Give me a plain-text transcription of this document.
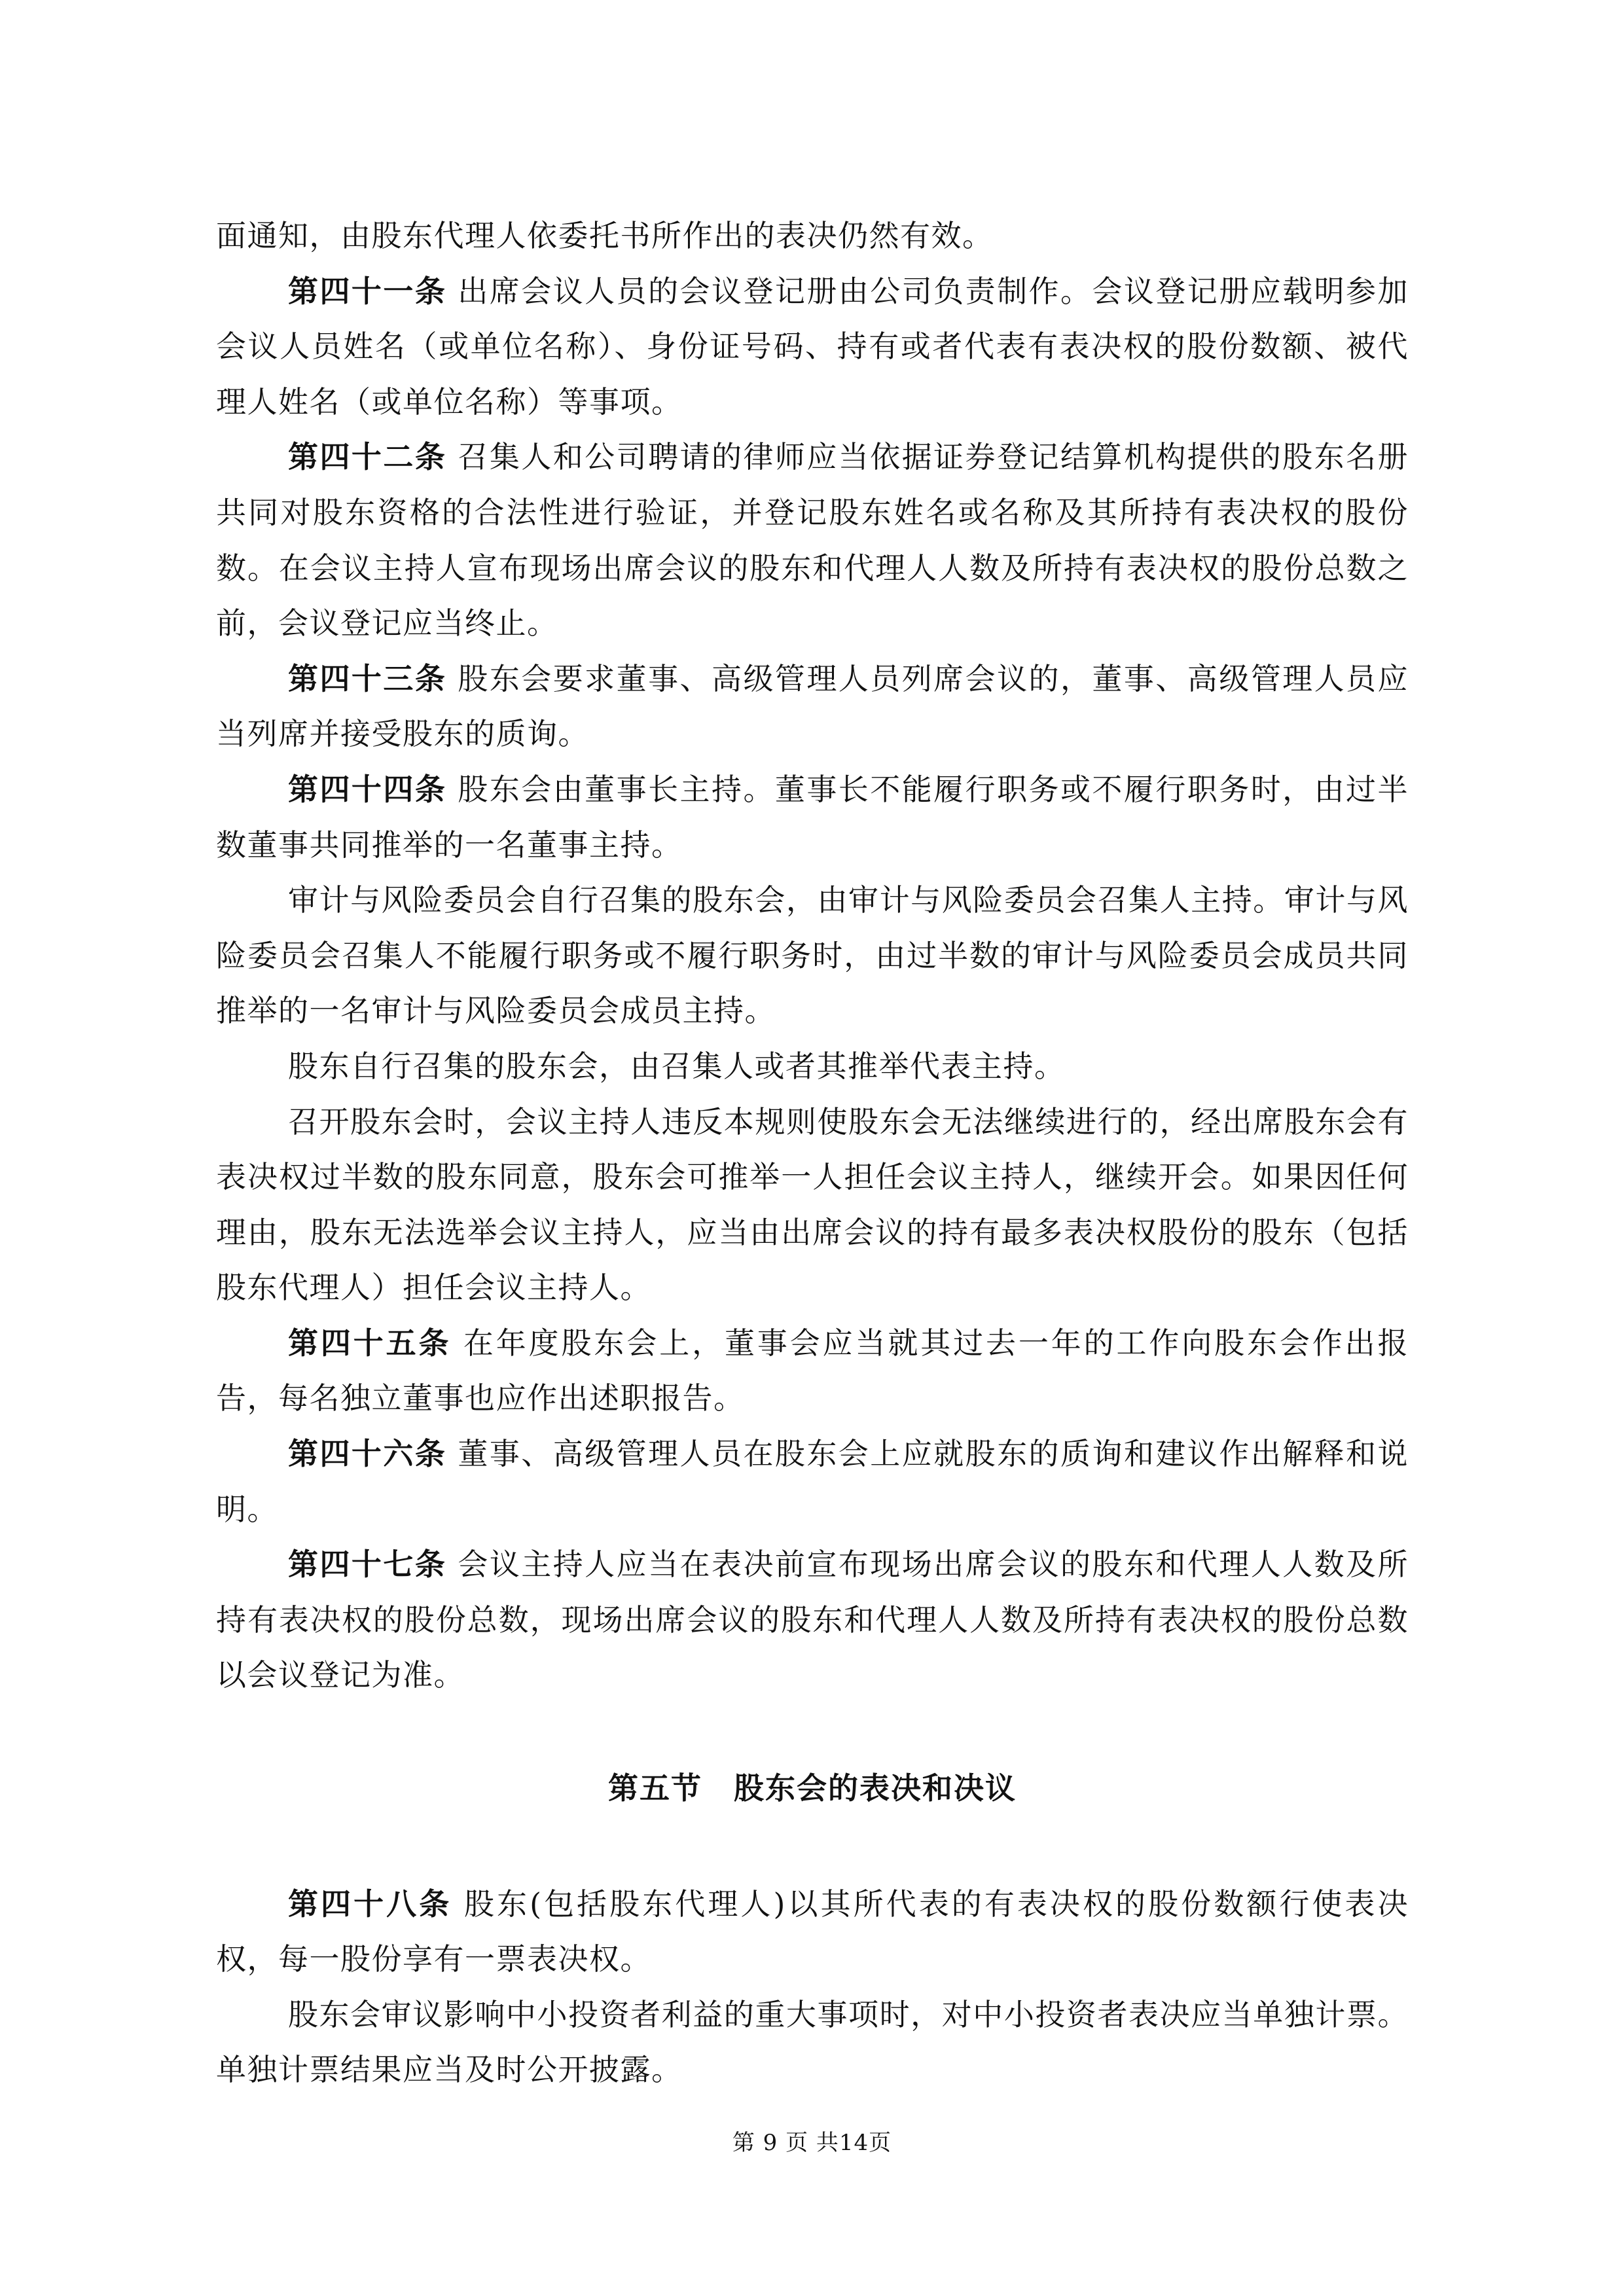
面通知，由股东代理人依委托书所作出的表决仍然有效。

第四十一条 出席会议人员的会议登记册由公司负责制作。会议登记册应载明参加会议人员姓名（或单位名称）、身份证号码、持有或者代表有表决权的股份数额、被代理人姓名（或单位名称）等事项。

第四十二条 召集人和公司聘请的律师应当依据证券登记结算机构提供的股东名册共同对股东资格的合法性进行验证，并登记股东姓名或名称及其所持有表决权的股份数。在会议主持人宣布现场出席会议的股东和代理人人数及所持有表决权的股份总数之前，会议登记应当终止。

第四十三条 股东会要求董事、高级管理人员列席会议的，董事、高级管理人员应当列席并接受股东的质询。

第四十四条 股东会由董事长主持。董事长不能履行职务或不履行职务时，由过半数董事共同推举的一名董事主持。

审计与风险委员会自行召集的股东会，由审计与风险委员会召集人主持。审计与风险委员会召集人不能履行职务或不履行职务时，由过半数的审计与风险委员会成员共同推举的一名审计与风险委员会成员主持。

股东自行召集的股东会，由召集人或者其推举代表主持。

召开股东会时，会议主持人违反本规则使股东会无法继续进行的，经出席股东会有表决权过半数的股东同意，股东会可推举一人担任会议主持人，继续开会。如果因任何理由，股东无法选举会议主持人，应当由出席会议的持有最多表决权股份的股东（包括股东代理人）担任会议主持人。

第四十五条 在年度股东会上，董事会应当就其过去一年的工作向股东会作出报告，每名独立董事也应作出述职报告。

第四十六条 董事、高级管理人员在股东会上应就股东的质询和建议作出解释和说明。

第四十七条 会议主持人应当在表决前宣布现场出席会议的股东和代理人人数及所持有表决权的股份总数，现场出席会议的股东和代理人人数及所持有表决权的股份总数以会议登记为准。

第五节　股东会的表决和决议

第四十八条 股东(包括股东代理人)以其所代表的有表决权的股份数额行使表决权，每一股份享有一票表决权。

股东会审议影响中小投资者利益的重大事项时，对中小投资者表决应当单独计票。单独计票结果应当及时公开披露。

第 9 页 共14页
